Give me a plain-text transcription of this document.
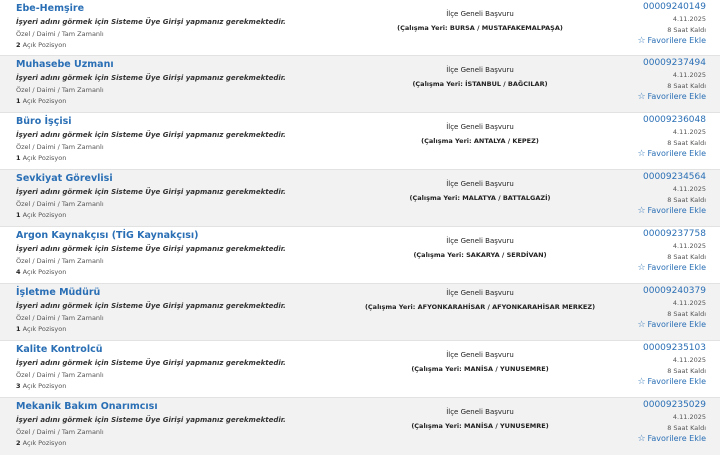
Ebe-Hemşire
İşyeri adını görmek için Sisteme Üye Girişi yapmanız gerekmektedir.
Özel / Daimi / Tam Zamanlı
2 Açık Pozisyon
İlçe Geneli Başvuru
(Çalışma Yeri: BURSA / MUSTAFAKEMALPAŞA)
00009240149
4.11.2025
8 Saat Kaldı
☆ Favorilere Ekle
Muhasebe Uzmanı
İşyeri adını görmek için Sisteme Üye Girişi yapmanız gerekmektedir.
Özel / Daimi / Tam Zamanlı
1 Açık Pozisyon
İlçe Geneli Başvuru
(Çalışma Yeri: İSTANBUL / BAĞCILAR)
00009237494
4.11.2025
8 Saat Kaldı
☆ Favorilere Ekle
Büro İşçisi
İşyeri adını görmek için Sisteme Üye Girişi yapmanız gerekmektedir.
Özel / Daimi / Tam Zamanlı
1 Açık Pozisyon
İlçe Geneli Başvuru
(Çalışma Yeri: ANTALYA / KEPEZ)
00009236048
4.11.2025
8 Saat Kaldı
☆ Favorilere Ekle
Sevkiyat Görevlisi
İşyeri adını görmek için Sisteme Üye Girişi yapmanız gerekmektedir.
Özel / Daimi / Tam Zamanlı
1 Açık Pozisyon
İlçe Geneli Başvuru
(Çalışma Yeri: MALATYA / BATTALGAZİ)
00009234564
4.11.2025
8 Saat Kaldı
☆ Favorilere Ekle
Argon Kaynakçısı (TİG Kaynakçısı)
İşyeri adını görmek için Sisteme Üye Girişi yapmanız gerekmektedir.
Özel / Daimi / Tam Zamanlı
4 Açık Pozisyon
İlçe Geneli Başvuru
(Çalışma Yeri: SAKARYA / SERDİVAN)
00009237758
4.11.2025
8 Saat Kaldı
☆ Favorilere Ekle
İşletme Müdürü
İşyeri adını görmek için Sisteme Üye Girişi yapmanız gerekmektedir.
Özel / Daimi / Tam Zamanlı
1 Açık Pozisyon
İlçe Geneli Başvuru
(Çalışma Yeri: AFYONKARAHİSAR / AFYONKARAHİSAR MERKEZ)
00009240379
4.11.2025
8 Saat Kaldı
☆ Favorilere Ekle
Kalite Kontrolcü
İşyeri adını görmek için Sisteme Üye Girişi yapmanız gerekmektedir.
Özel / Daimi / Tam Zamanlı
3 Açık Pozisyon
İlçe Geneli Başvuru
(Çalışma Yeri: MANİSA / YUNUSEMRE)
00009235103
4.11.2025
8 Saat Kaldı
☆ Favorilere Ekle
Mekanik Bakım Onarımcısı
İşyeri adını görmek için Sisteme Üye Girişi yapmanız gerekmektedir.
Özel / Daimi / Tam Zamanlı
2 Açık Pozisyon
İlçe Geneli Başvuru
(Çalışma Yeri: MANİSA / YUNUSEMRE)
00009235029
4.11.2025
8 Saat Kaldı
☆ Favorilere Ekle
